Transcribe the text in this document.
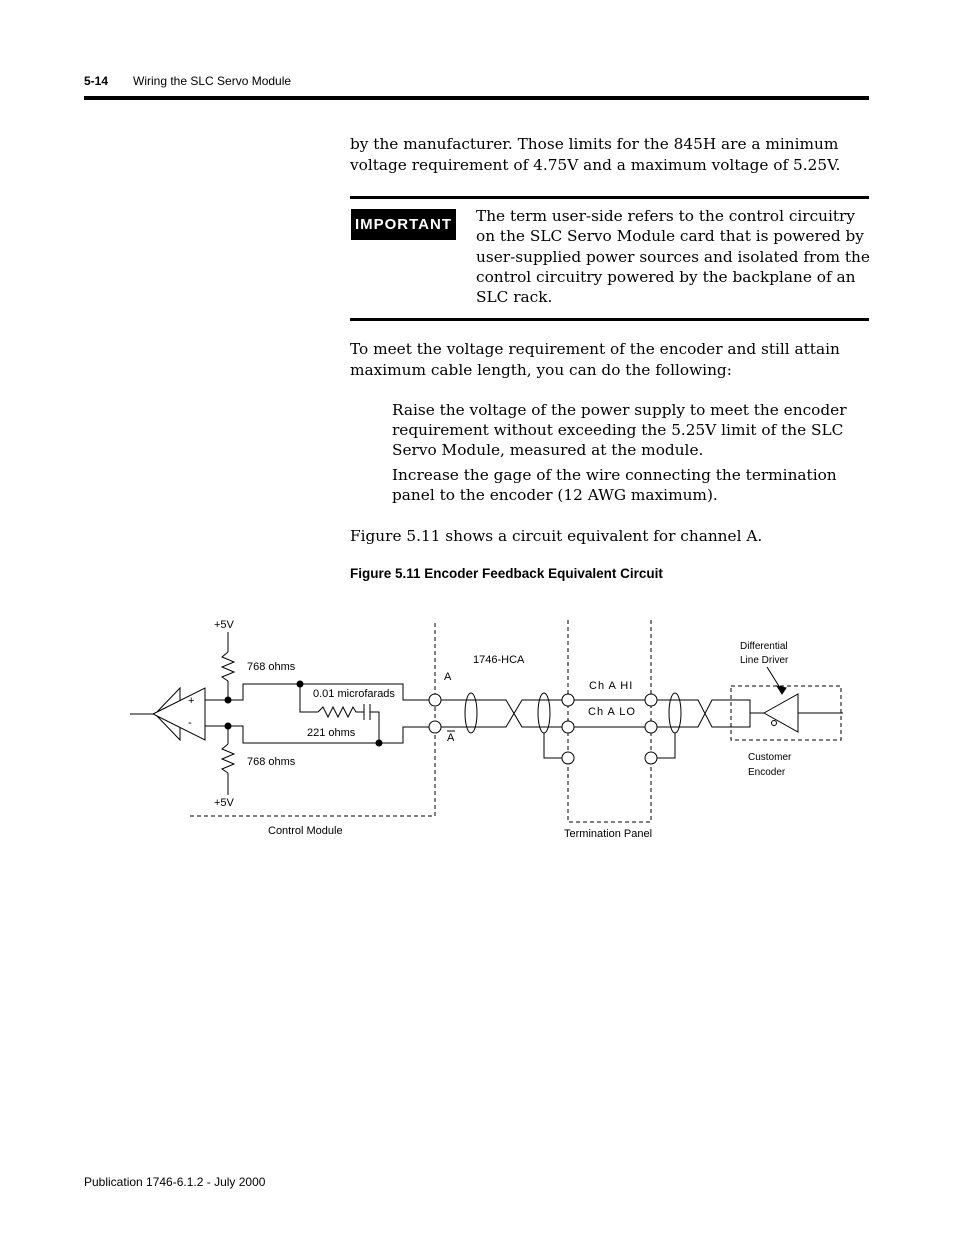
5-14 Wiring the SLC Servo Module

by the manufacturer. Those limits for the 845H are a minimum voltage requirement of 4.75V and a maximum voltage of 5.25V.

IMPORTANT The term user-side refers to the control circuitry on the SLC Servo Module card that is powered by user-supplied power sources and isolated from the control circuitry powered by the backplane of an SLC rack.

To meet the voltage requirement of the encoder and still attain maximum cable length, you can do the following:

Raise the voltage of the power supply to meet the encoder requirement without exceeding the 5.25V limit of the SLC Servo Module, measured at the module.

Increase the gage of the wire connecting the termination panel to the encoder (12 AWG maximum).

Figure 5.11 shows a circuit equivalent for channel A.

Figure 5.11 Encoder Feedback Equivalent Circuit
+5V
+5V
768 ohms
768 ohms
0.01 microfarads
221 ohms
+
-
1746-HCA
A
A
Ch A HI
Ch A LO
Differential
Line Driver
Customer
Encoder
Control Module	Termination Panel
Publication 1746-6.1.2 - July 2000
